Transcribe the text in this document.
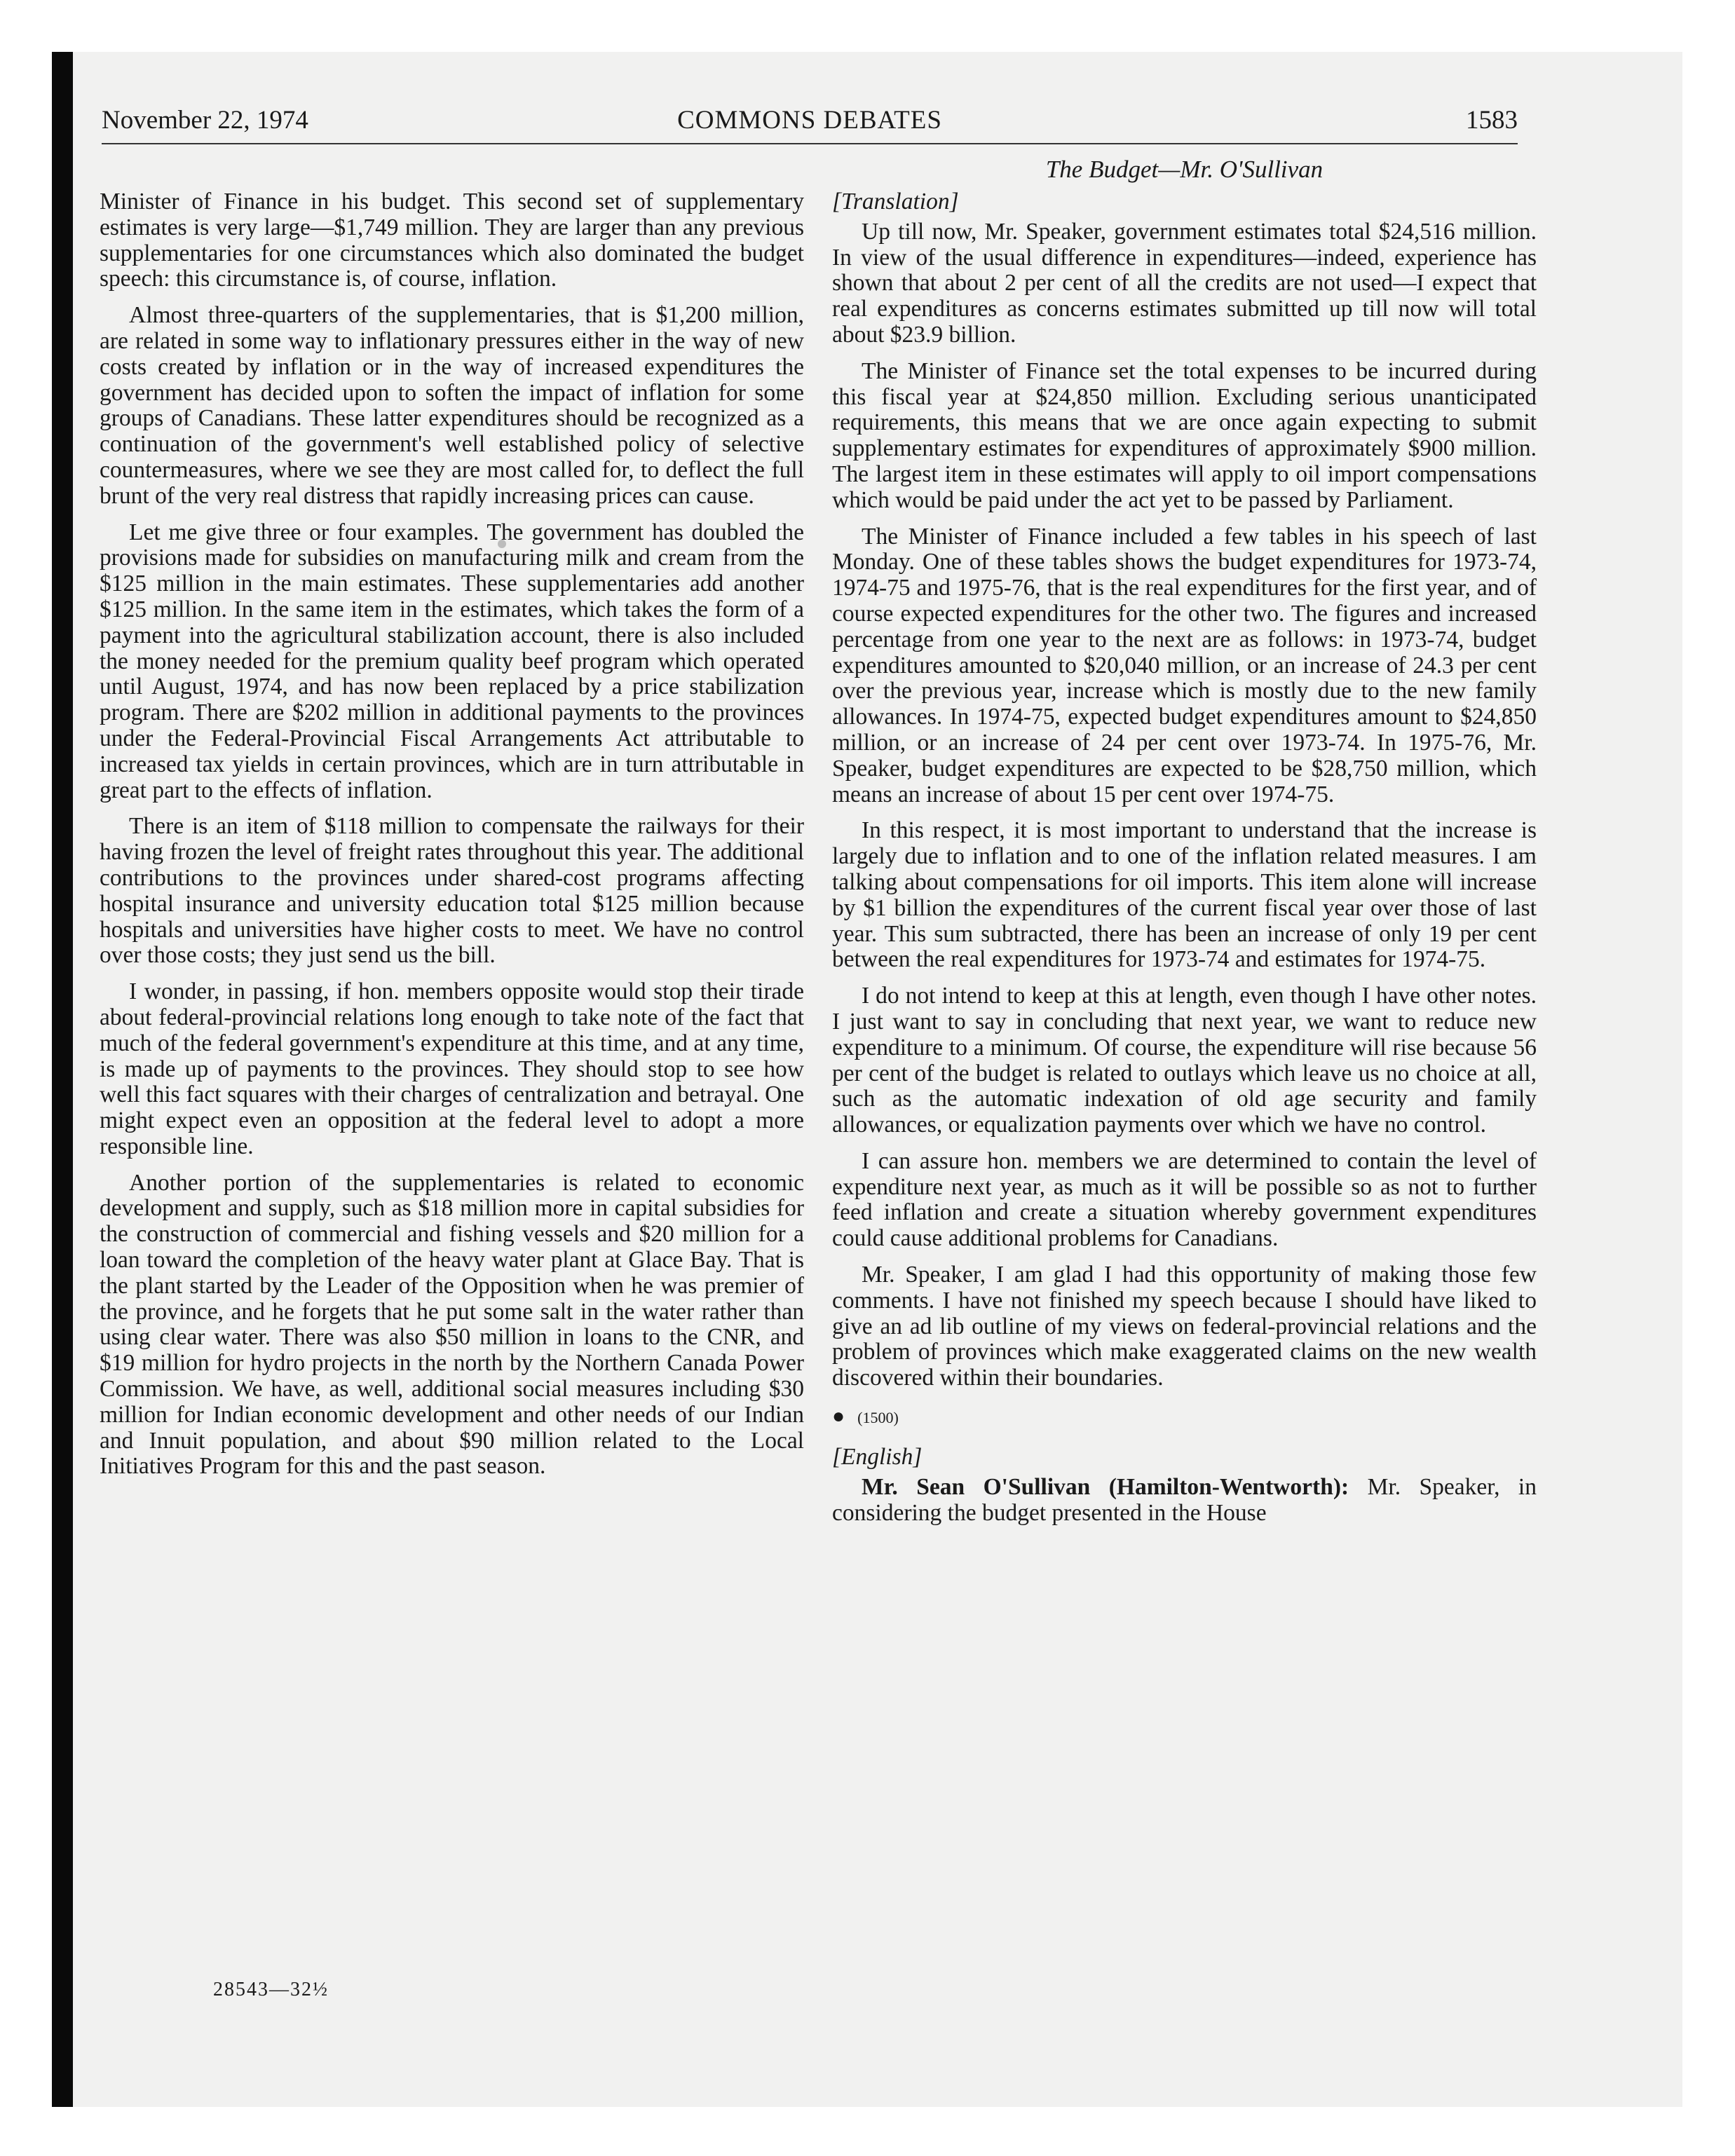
November 22, 1974	COMMONS DEBATES	1583

Minister of Finance in his budget. This second set of supplementary estimates is very large—$1,749 million. They are larger than any previous supplementaries for one circumstances which also dominated the budget speech: this circumstance is, of course, inflation.

Almost three-quarters of the supplementaries, that is $1,200 million, are related in some way to inflationary pressures either in the way of new costs created by inflation or in the way of increased expenditures the government has decided upon to soften the impact of inflation for some groups of Canadians. These latter expenditures should be recognized as a continuation of the government's well established policy of selective countermeasures, where we see they are most called for, to deflect the full brunt of the very real distress that rapidly increasing prices can cause.

Let me give three or four examples. The government has doubled the provisions made for subsidies on manufacturing milk and cream from the $125 million in the main estimates. These supplementaries add another $125 million. In the same item in the estimates, which takes the form of a payment into the agricultural stabilization account, there is also included the money needed for the premium quality beef program which operated until August, 1974, and has now been replaced by a price stabilization program. There are $202 million in additional payments to the provinces under the Federal-Provincial Fiscal Arrangements Act attributable to increased tax yields in certain provinces, which are in turn attributable in great part to the effects of inflation.

There is an item of $118 million to compensate the railways for their having frozen the level of freight rates throughout this year. The additional contributions to the provinces under shared-cost programs affecting hospital insurance and university education total $125 million because hospitals and universities have higher costs to meet. We have no control over those costs; they just send us the bill.

I wonder, in passing, if hon. members opposite would stop their tirade about federal-provincial relations long enough to take note of the fact that much of the federal government's expenditure at this time, and at any time, is made up of payments to the provinces. They should stop to see how well this fact squares with their charges of centralization and betrayal. One might expect even an opposition at the federal level to adopt a more responsible line.

Another portion of the supplementaries is related to economic development and supply, such as $18 million more in capital subsidies for the construction of commercial and fishing vessels and $20 million for a loan toward the completion of the heavy water plant at Glace Bay. That is the plant started by the Leader of the Opposition when he was premier of the province, and he forgets that he put some salt in the water rather than using clear water. There was also $50 million in loans to the CNR, and $19 million for hydro projects in the north by the Northern Canada Power Commission. We have, as well, additional social measures including $30 million for Indian economic development and other needs of our Indian and Innuit population, and about $90 million related to the Local Initiatives Program for this and the past season.

The Budget—Mr. O'Sullivan
[Translation]

Up till now, Mr. Speaker, government estimates total $24,516 million. In view of the usual difference in expenditures—indeed, experience has shown that about 2 per cent of all the credits are not used—I expect that real expenditures as concerns estimates submitted up till now will total about $23.9 billion.

The Minister of Finance set the total expenses to be incurred during this fiscal year at $24,850 million. Excluding serious unanticipated requirements, this means that we are once again expecting to submit supplementary estimates for expenditures of approximately $900 million. The largest item in these estimates will apply to oil import compensations which would be paid under the act yet to be passed by Parliament.

The Minister of Finance included a few tables in his speech of last Monday. One of these tables shows the budget expenditures for 1973-74, 1974-75 and 1975-76, that is the real expenditures for the first year, and of course expected expenditures for the other two. The figures and increased percentage from one year to the next are as follows: in 1973-74, budget expenditures amounted to $20,040 million, or an increase of 24.3 per cent over the previous year, increase which is mostly due to the new family allowances. In 1974-75, expected budget expenditures amount to $24,850 million, or an increase of 24 per cent over 1973-74. In 1975-76, Mr. Speaker, budget expenditures are expected to be $28,750 million, which means an increase of about 15 per cent over 1974-75.

In this respect, it is most important to understand that the increase is largely due to inflation and to one of the inflation related measures. I am talking about compensations for oil imports. This item alone will increase by $1 billion the expenditures of the current fiscal year over those of last year. This sum subtracted, there has been an increase of only 19 per cent between the real expenditures for 1973-74 and estimates for 1974-75.

I do not intend to keep at this at length, even though I have other notes. I just want to say in concluding that next year, we want to reduce new expenditure to a minimum. Of course, the expenditure will rise because 56 per cent of the budget is related to outlays which leave us no choice at all, such as the automatic indexation of old age security and family allowances, or equalization payments over which we have no control.

I can assure hon. members we are determined to contain the level of expenditure next year, as much as it will be possible so as not to further feed inflation and create a situation whereby government expenditures could cause additional problems for Canadians.

Mr. Speaker, I am glad I had this opportunity of making those few comments. I have not finished my speech because I should have liked to give an ad lib outline of my views on federal-provincial relations and the problem of provinces which make exaggerated claims on the new wealth discovered within their boundaries.

● (1500)
[English]

Mr. Sean O'Sullivan (Hamilton-Wentworth): Mr. Speaker, in considering the budget presented in the House

28543—32½
